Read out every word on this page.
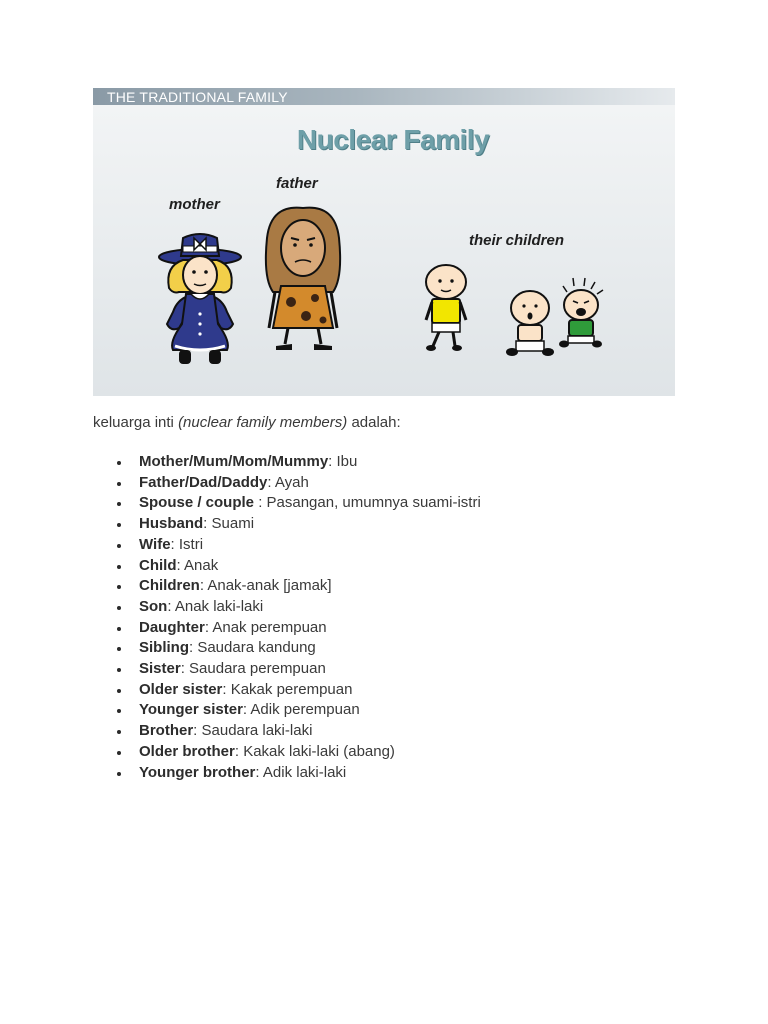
THE TRADITIONAL FAMILY
Nuclear Family
mother
father
their children
keluarga inti (nuclear family members) adalah:
Mother/Mum/Mom/Mummy: Ibu
Father/Dad/Daddy: Ayah
Spouse / couple : Pasangan, umumnya suami-istri
Husband: Suami
Wife: Istri
Child: Anak
Children: Anak-anak [jamak]
Son: Anak laki-laki
Daughter: Anak perempuan
Sibling: Saudara kandung
Sister: Saudara perempuan
Older sister: Kakak perempuan
Younger sister: Adik perempuan
Brother: Saudara laki-laki
Older brother: Kakak laki-laki (abang)
Younger brother: Adik laki-laki
